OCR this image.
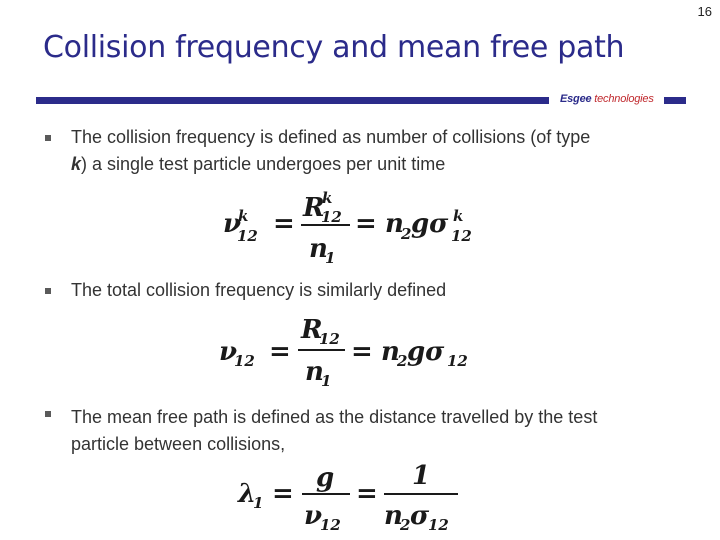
16
Collision frequency and mean free path
Esgee technologies
The collision frequency is defined as number of collisions (of type
k) a single test particle undergoes per unit time
ν
k
12 =
R
k
12
n
1
= n
2 gσ k
12
The total collision frequency is similarly defined
ν
12 =
R
12
n
1
= n
2 gσ 12
The mean free path is defined as the distance travelled by the test
particle between collisions,
λ
1 =
g
ν
12
=
1
n
2 σ
12
